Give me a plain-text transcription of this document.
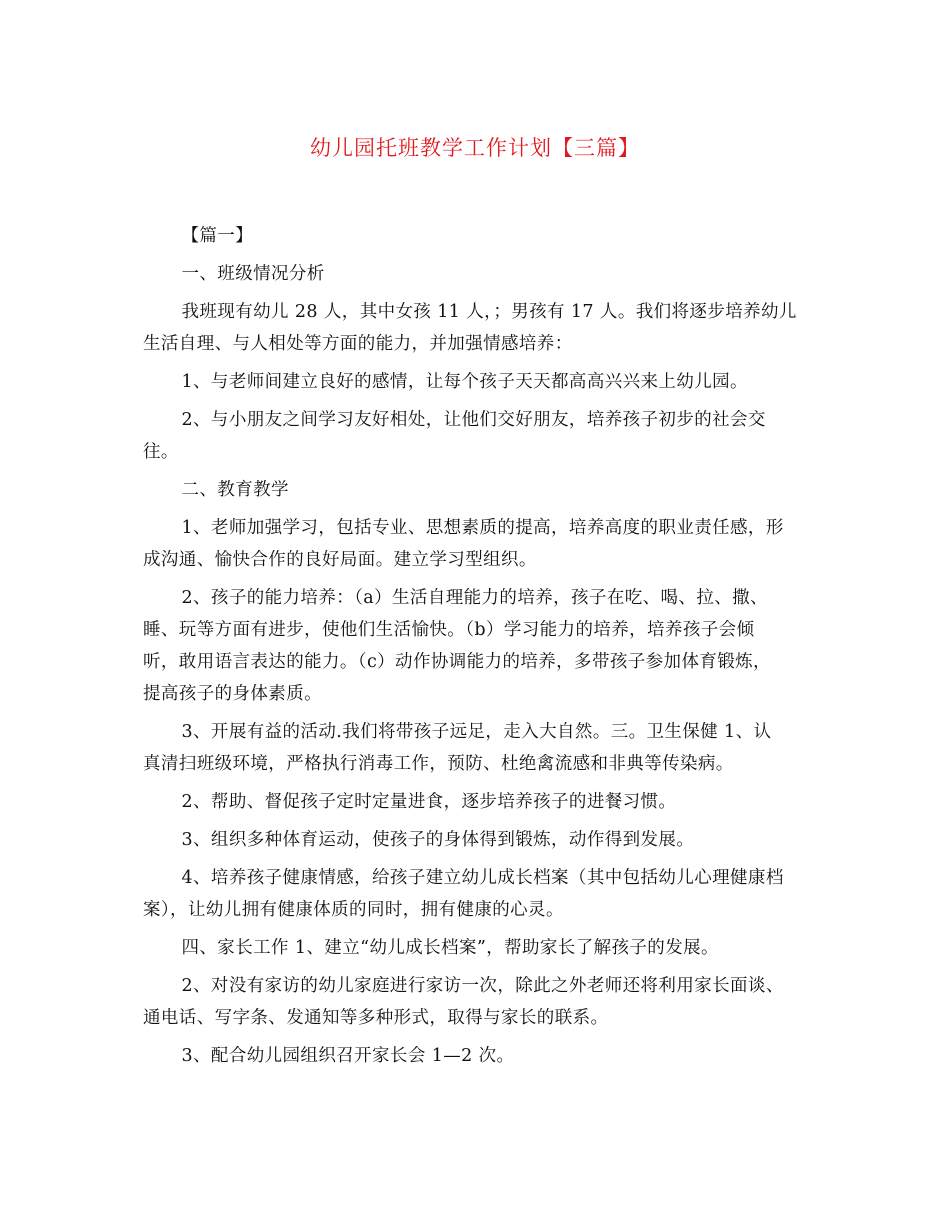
幼儿园托班教学工作计划【三篇】
【篇一】
一、班级情况分析
我班现有幼儿 28 人，其中女孩 11 人，；男孩有 17 人。我们将逐步培养幼儿
生活自理、与人相处等方面的能力，并加强情感培养：
1、与老师间建立良好的感情，让每个孩子天天都高高兴兴来上幼儿园。
2、与小朋友之间学习友好相处，让他们交好朋友，培养孩子初步的社会交
往。
二、教育教学
1、老师加强学习，包括专业、思想素质的提高，培养高度的职业责任感，形
成沟通、愉快合作的良好局面。建立学习型组织。
2、孩子的能力培养：（a）生活自理能力的培养，孩子在吃、喝、拉、撒、
睡、玩等方面有进步，使他们生活愉快。（b）学习能力的培养，培养孩子会倾
听，敢用语言表达的能力。（c）动作协调能力的培养，多带孩子参加体育锻炼，
提高孩子的身体素质。
3、开展有益的活动.我们将带孩子远足，走入大自然。三。卫生保健 1、认
真清扫班级环境，严格执行消毒工作，预防、杜绝禽流感和非典等传染病。
2、帮助、督促孩子定时定量进食，逐步培养孩子的进餐习惯。
3、组织多种体育运动，使孩子的身体得到锻炼，动作得到发展。
4、培养孩子健康情感，给孩子建立幼儿成长档案（其中包括幼儿心理健康档
案），让幼儿拥有健康体质的同时，拥有健康的心灵。
四、家长工作 1、建立“幼儿成长档案”，帮助家长了解孩子的发展。
2、对没有家访的幼儿家庭进行家访一次，除此之外老师还将利用家长面谈、
通电话、写字条、发通知等多种形式，取得与家长的联系。
3、配合幼儿园组织召开家长会 1—2 次。
